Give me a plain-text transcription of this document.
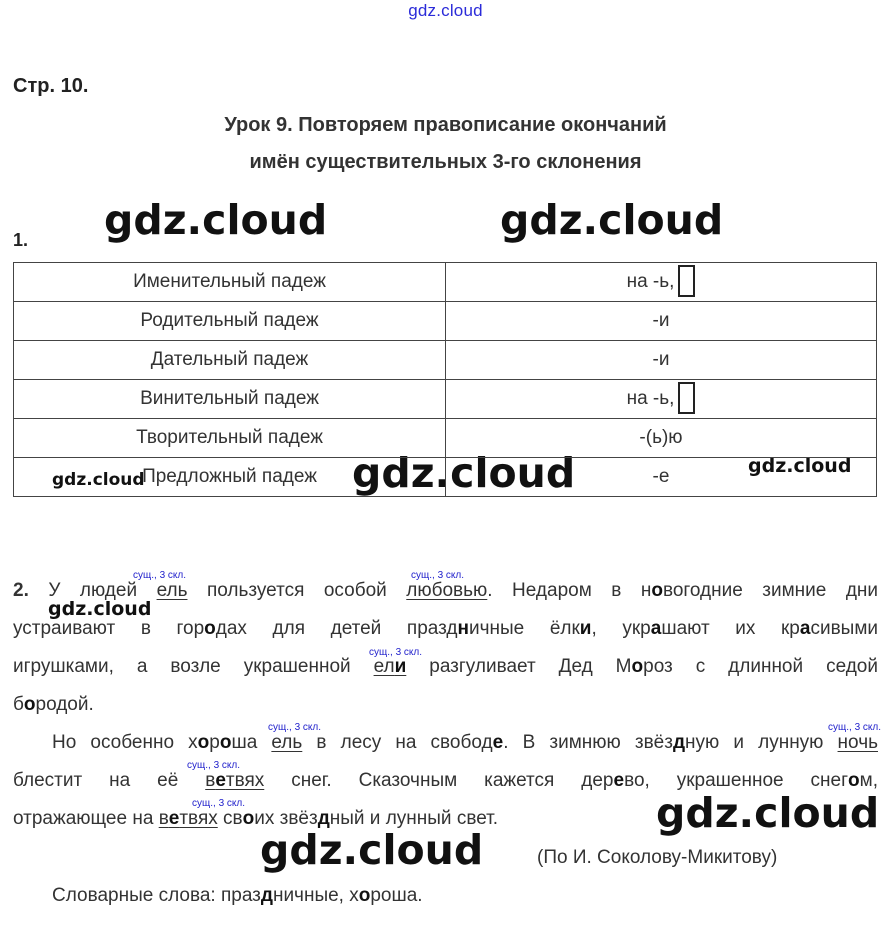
gdz.cloud
gdz.cloud	gdz.cloud
gdz.cloud
gdz.cloud
gdz.cloud
gdz.cloud
gdz.cloud
gdz.cloud
Стр. 10.
Урок 9. Повторяем правописание окончаний
имён существительных 3-го склонения
1.
Именительный падеж	на -ь,
Родительный падеж	-и
Дательный падеж	-и
Винительный падеж	на -ь,
Творительный падеж	-(ь)ю
Предложный падеж	-е
сущ., 3 скл.	сущ., 3 скл.
сущ., 3 скл.
сущ., 3 скл.	сущ., 3 скл.
сущ., 3 скл.
сущ., 3 скл.
2. У людей ель пользуется особой любовью. Недаром в новогодние зимние дни
устраивают в городах для детей праздничные ёлки, украшают их красивыми
игрушками, а возле украшенной ели разгуливает Дед Мороз с длинной седой
бородой.
Но особенно хороша ель в лесу на свободе. В зимнюю звёздную и лунную ночь
блестит на её ветвях снег. Сказочным кажется дерево, украшенное снегом,
отражающее на ветвях своих звёздный и лунный свет.
(По И. Соколову-Микитову)
Словарные слова: праздничные, хороша.
